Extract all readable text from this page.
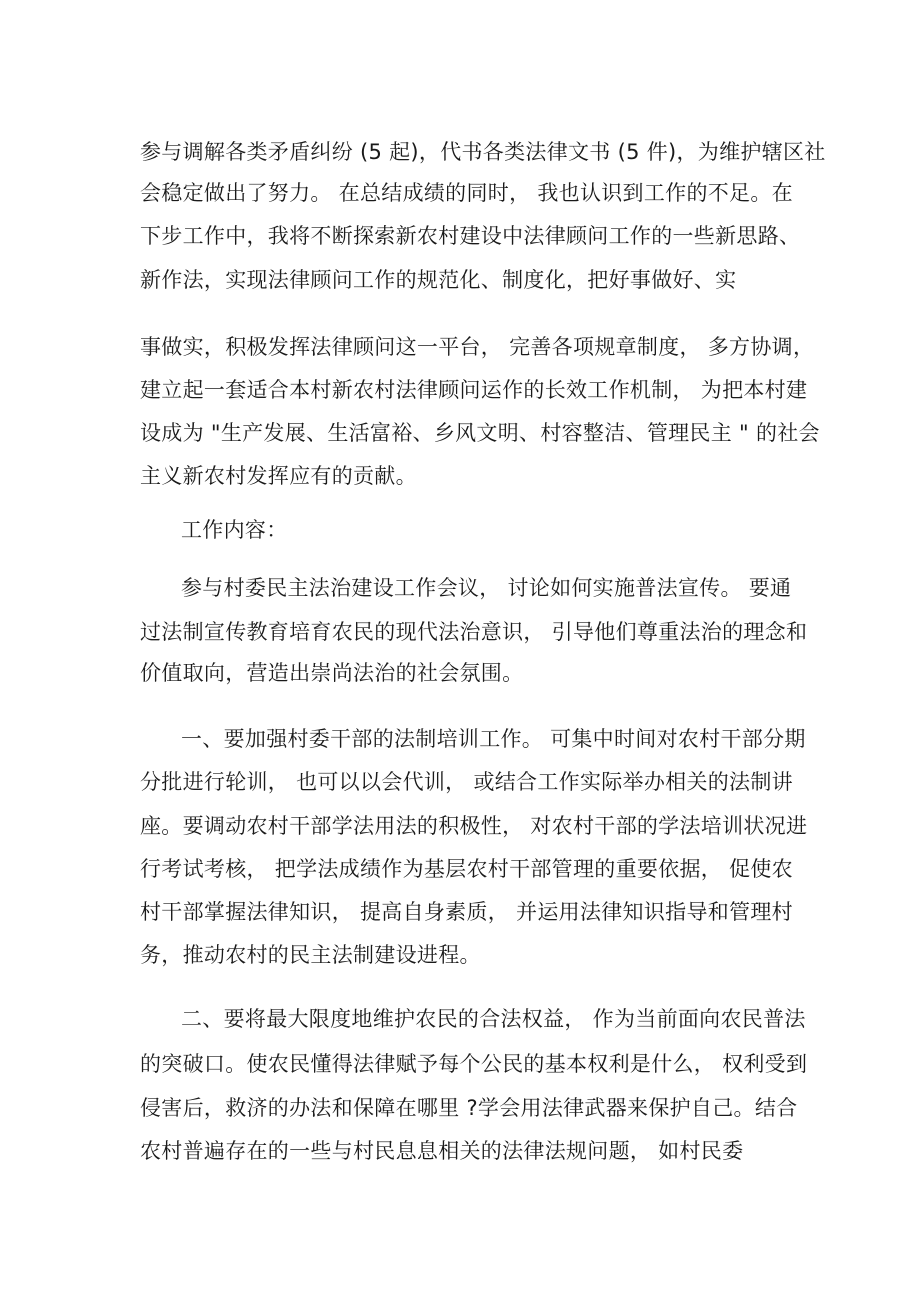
参与调解各类矛盾纠纷 (5 起)，代书各类法律文书 (5 件)，为维护辖区社
会稳定做出了努力。 在总结成绩的同时， 我也认识到工作的不足。在
下步工作中，我将不断探索新农村建设中法律顾问工作的一些新思路、
新作法，实现法律顾问工作的规范化、制度化，把好事做好、实
事做实，积极发挥法律顾问这一平台， 完善各项规章制度， 多方协调，
建立起一套适合本村新农村法律顾问运作的长效工作机制， 为把本村建
设成为 "生产发展、生活富裕、乡风文明、村容整洁、管理民主 " 的社会
主义新农村发挥应有的贡献。
工作内容：
参与村委民主法治建设工作会议， 讨论如何实施普法宣传。 要通
过法制宣传教育培育农民的现代法治意识， 引导他们尊重法治的理念和
价值取向，营造出崇尚法治的社会氛围。
一、要加强村委干部的法制培训工作。 可集中时间对农村干部分期
分批进行轮训， 也可以以会代训， 或结合工作实际举办相关的法制讲
座。要调动农村干部学法用法的积极性， 对农村干部的学法培训状况进
行考试考核， 把学法成绩作为基层农村干部管理的重要依据， 促使农
村干部掌握法律知识， 提高自身素质， 并运用法律知识指导和管理村
务，推动农村的民主法制建设进程。
二、要将最大限度地维护农民的合法权益， 作为当前面向农民普法
的突破口。使农民懂得法律赋予每个公民的基本权利是什么， 权利受到
侵害后，救济的办法和保障在哪里 ?学会用法律武器来保护自己。结合
农村普遍存在的一些与村民息息相关的法律法规问题， 如村民委
